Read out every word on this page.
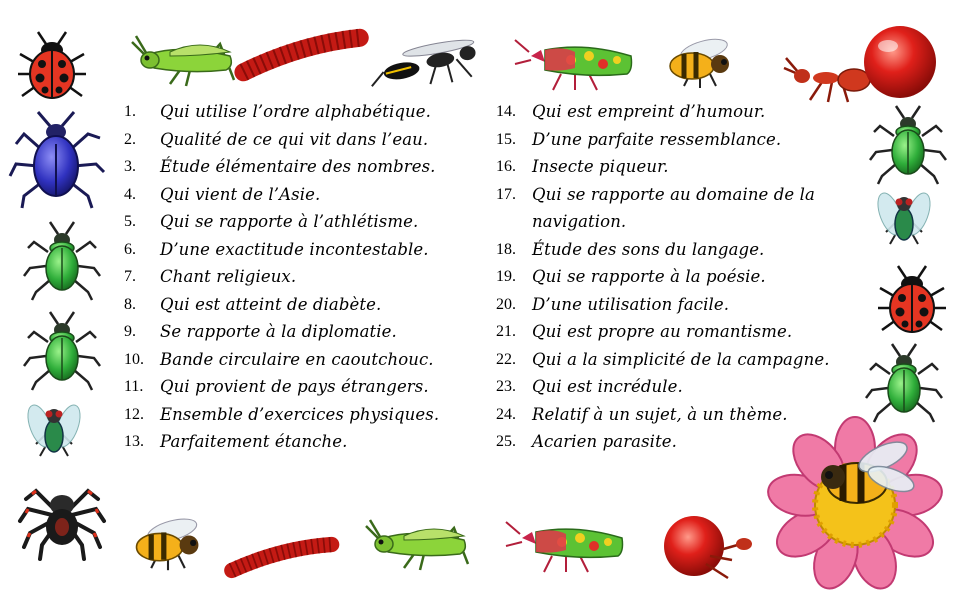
1. Qui utilise l’ordre alphabétique.
2. Qualité de ce qui vit dans l’eau.
3. Étude élémentaire des nombres.
4. Qui vient de l’Asie.
5. Qui se rapporte à l’athlétisme.
6. D’une exactitude incontestable.
7. Chant religieux.
8. Qui est atteint de diabète.
9. Se rapporte à la diplomatie.
10. Bande circulaire en caoutchouc.
11. Qui provient de pays étrangers.
12. Ensemble d’exercices physiques.
13. Parfaitement étanche.
14. Qui est empreint d’humour.
15. D’une parfaite ressemblance.
16. Insecte piqueur.
17. Qui se rapporte au domaine de la navigation.
18. Étude des sons du langage.
19. Qui se rapporte à la poésie.
20. D’une utilisation facile.
21. Qui est propre au romantisme.
22. Qui a la simplicité de la campagne.
23. Qui est incrédule.
24. Relatif à un sujet, à un thème.
25. Acarien parasite.
